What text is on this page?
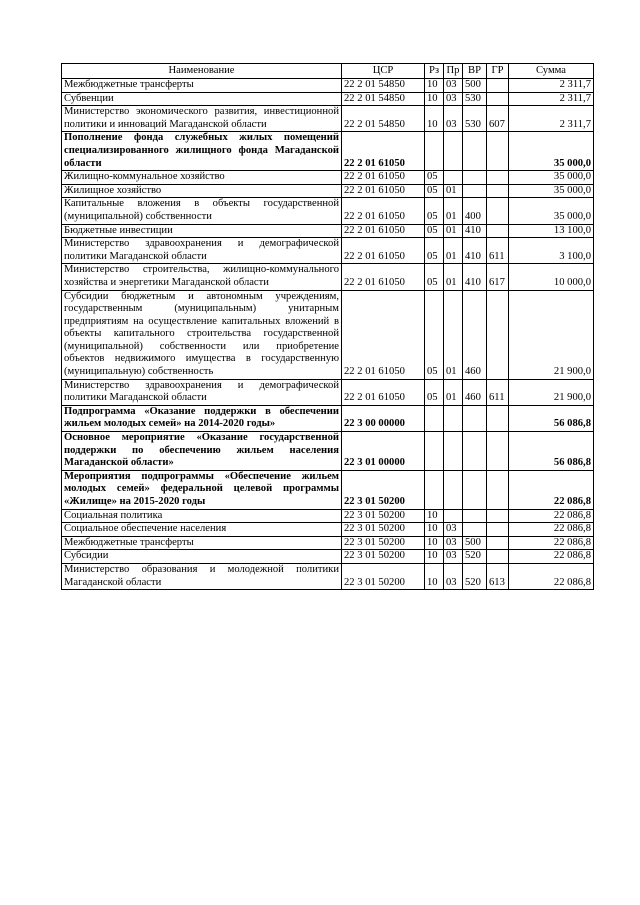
Наименование	ЦСР	Рз	Пр	ВР	ГР	Сумма
Межбюджетные трансферты	22 2 01 54850	10	03	500		2 311,7
Субвенции	22 2 01 54850	10	03	530		2 311,7
Министерство экономического развития, инвестиционной политики и инноваций Магаданской области	22 2 01 54850	10	03	530	607	2 311,7
Пополнение фонда служебных жилых помещений специализированного жилищного фонда Магаданской области	22 2 01 61050					35 000,0
Жилищно-коммунальное хозяйство	22 2 01 61050	05				35 000,0
Жилищное хозяйство	22 2 01 61050	05	01			35 000,0
Капитальные вложения в объекты государственной (муниципальной) собственности	22 2 01 61050	05	01	400		35 000,0
Бюджетные инвестиции	22 2 01 61050	05	01	410		13 100,0
Министерство здравоохранения и демографической политики Магаданской области	22 2 01 61050	05	01	410	611	3 100,0
Министерство строительства, жилищно-коммунального хозяйства и энергетики Магаданской области	22 2 01 61050	05	01	410	617	10 000,0
Субсидии бюджетным и автономным учреждениям, государственным (муниципальным) унитарным предприятиям на осуществление капитальных вложений в объекты капитального строительства государственной (муниципальной) собственности или приобретение объектов недвижимого имущества в государственную (муниципальную) собственность	22 2 01 61050	05	01	460		21 900,0
Министерство здравоохранения и демографической политики Магаданской области	22 2 01 61050	05	01	460	611	21 900,0
Подпрограмма «Оказание поддержки в обеспечении жильем молодых семей» на 2014-2020 годы»	22 3 00 00000					56 086,8
Основное мероприятие «Оказание государственной поддержки по обеспечению жильем населения Магаданской области»	22 3 01 00000					56 086,8
Мероприятия подпрограммы «Обеспечение жильем молодых семей» федеральной целевой программы «Жилище» на 2015-2020 годы	22 3 01 50200					22 086,8
Социальная политика	22 3 01 50200	10				22 086,8
Социальное обеспечение населения	22 3 01 50200	10	03			22 086,8
Межбюджетные трансферты	22 3 01 50200	10	03	500		22 086,8
Субсидии	22 3 01 50200	10	03	520		22 086,8
Министерство образования и молодежной политики Магаданской области	22 3 01 50200	10	03	520	613	22 086,8
